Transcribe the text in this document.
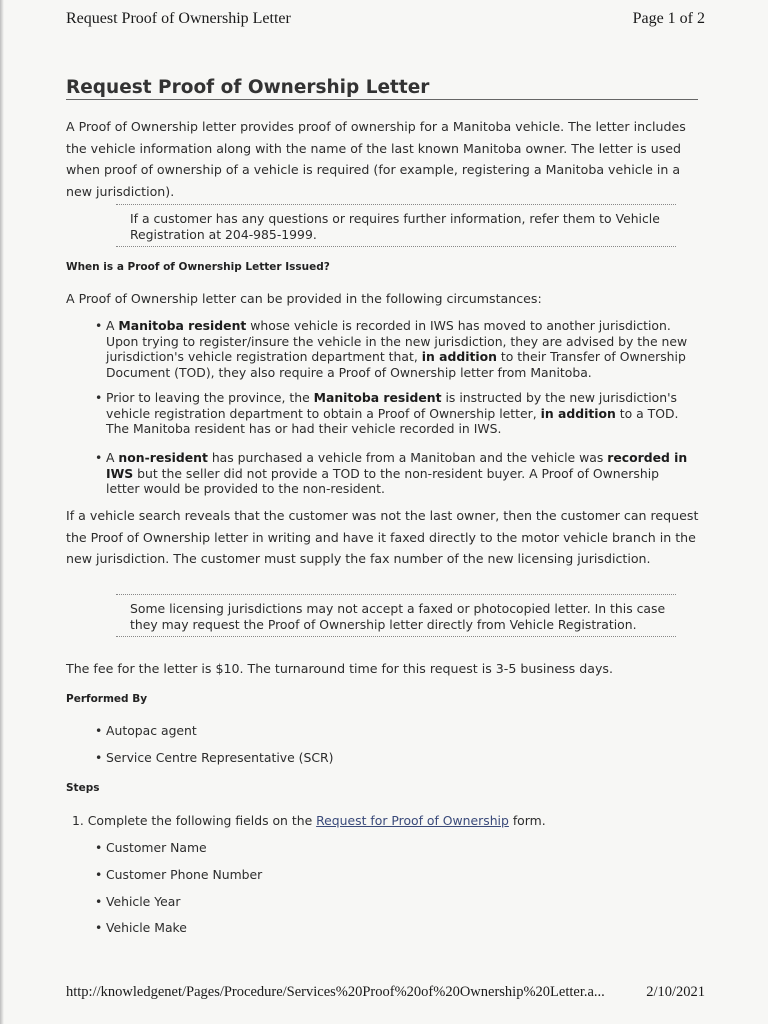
Request Proof of Ownership Letter	Page 1 of 2
Request Proof of Ownership Letter
A Proof of Ownership letter provides proof of ownership for a Manitoba vehicle. The letter includes the vehicle information along with the name of the last known Manitoba owner. The letter is used when proof of ownership of a vehicle is required (for example, registering a Manitoba vehicle in a new jurisdiction).
If a customer has any questions or requires further information, refer them to Vehicle Registration at 204-985-1999.
When is a Proof of Ownership Letter Issued?
A Proof of Ownership letter can be provided in the following circumstances:
• A Manitoba resident whose vehicle is recorded in IWS has moved to another jurisdiction. Upon trying to register/insure the vehicle in the new jurisdiction, they are advised by the new jurisdiction's vehicle registration department that, in addition to their Transfer of Ownership Document (TOD), they also require a Proof of Ownership letter from Manitoba.
• Prior to leaving the province, the Manitoba resident is instructed by the new jurisdiction's vehicle registration department to obtain a Proof of Ownership letter, in addition to a TOD. The Manitoba resident has or had their vehicle recorded in IWS.
• A non-resident has purchased a vehicle from a Manitoban and the vehicle was recorded in IWS but the seller did not provide a TOD to the non-resident buyer. A Proof of Ownership letter would be provided to the non-resident.
If a vehicle search reveals that the customer was not the last owner, then the customer can request the Proof of Ownership letter in writing and have it faxed directly to the motor vehicle branch in the new jurisdiction. The customer must supply the fax number of the new licensing jurisdiction.
Some licensing jurisdictions may not accept a faxed or photocopied letter. In this case they may request the Proof of Ownership letter directly from Vehicle Registration.
The fee for the letter is $10. The turnaround time for this request is 3-5 business days.
Performed By
• Autopac agent
• Service Centre Representative (SCR)
Steps
1. Complete the following fields on the Request for Proof of Ownership form.
• Customer Name
• Customer Phone Number
• Vehicle Year
• Vehicle Make
http://knowledgenet/Pages/Procedure/Services%20Proof%20of%20Ownership%20Letter.a...	2/10/2021
